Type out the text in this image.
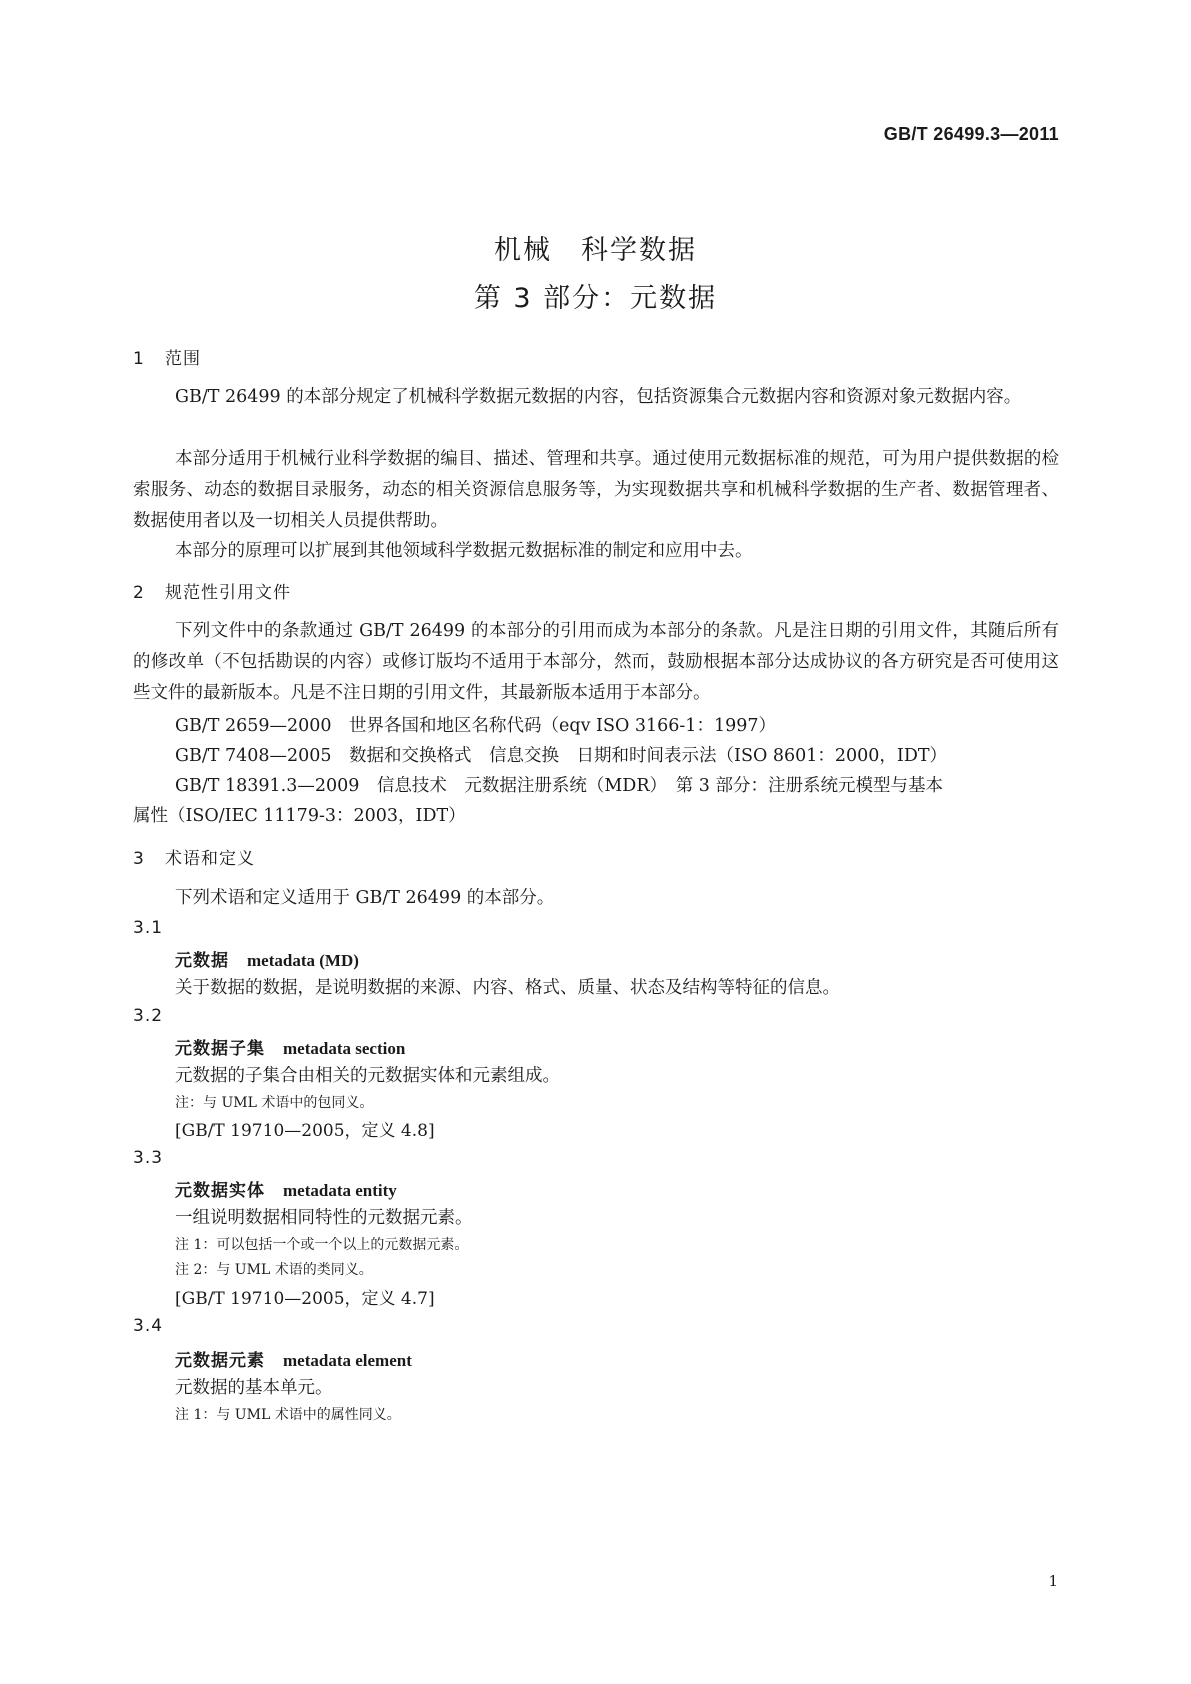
GB/T 26499.3—2011
机械　科学数据
第 3 部分：元数据
1 范围
GB/T 26499 的本部分规定了机械科学数据元数据的内容，包括资源集合元数据内容和资源对象元数据内容。
本部分适用于机械行业科学数据的编目、描述、管理和共享。通过使用元数据标准的规范，可为用户提供数据的检索服务、动态的数据目录服务，动态的相关资源信息服务等，为实现数据共享和机械科学数据的生产者、数据管理者、数据使用者以及一切相关人员提供帮助。
本部分的原理可以扩展到其他领域科学数据元数据标准的制定和应用中去。
2 规范性引用文件
下列文件中的条款通过 GB/T 26499 的本部分的引用而成为本部分的条款。凡是注日期的引用文件，其随后所有的修改单（不包括勘误的内容）或修订版均不适用于本部分，然而，鼓励根据本部分达成协议的各方研究是否可使用这些文件的最新版本。凡是不注日期的引用文件，其最新版本适用于本部分。
GB/T 2659—2000　世界各国和地区名称代码（eqv ISO 3166-1：1997）
GB/T 7408—2005　数据和交换格式　信息交换　日期和时间表示法（ISO 8601：2000，IDT）
GB/T 18391.3—2009　信息技术　元数据注册系统（MDR）　第 3 部分：注册系统元模型与基本
属性（ISO/IEC 11179-3：2003，IDT）
3 术语和定义
下列术语和定义适用于 GB/T 26499 的本部分。
3.1
元数据 metadata (MD)
关于数据的数据，是说明数据的来源、内容、格式、质量、状态及结构等特征的信息。
3.2
元数据子集 metadata section
元数据的子集合由相关的元数据实体和元素组成。
注：与 UML 术语中的包同义。
[GB/T 19710—2005，定义 4.8]
3.3
元数据实体 metadata entity
一组说明数据相同特性的元数据元素。
注 1：可以包括一个或一个以上的元数据元素。
注 2：与 UML 术语的类同义。
[GB/T 19710—2005，定义 4.7]
3.4
元数据元素 metadata element
元数据的基本单元。
注 1：与 UML 术语中的属性同义。
1
